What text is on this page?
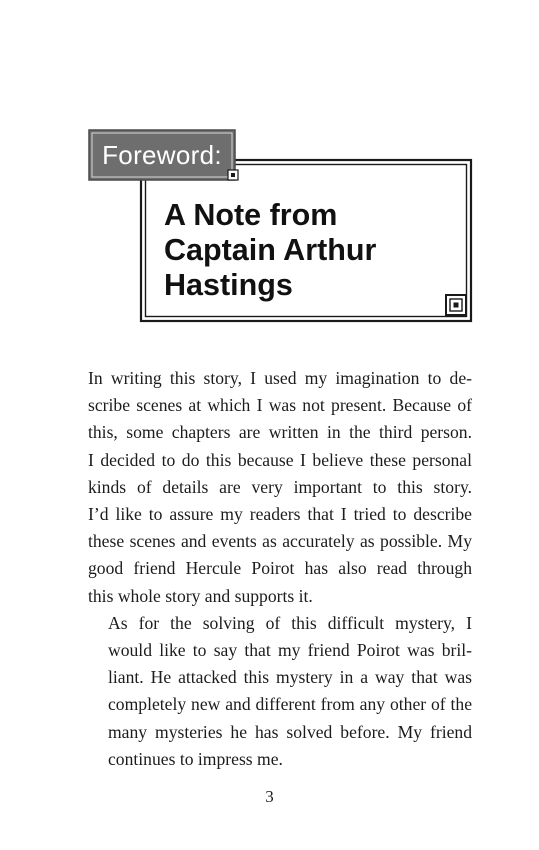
Foreword:
A Note from
Captain Arthur
Hastings

In writing this story, I used my imagination to de-
scribe scenes at which I was not present. Because of
this, some chapters are written in the third person.
I decided to do this because I believe these personal
kinds of details are very important to this story.
I’d like to assure my readers that I tried to describe
these scenes and events as accurately as possible. My
good friend Hercule Poirot has also read through
this whole story and supports it.

As for the solving of this difficult mystery, I
would like to say that my friend Poirot was bril-
liant. He attacked this mystery in a way that was
completely new and different from any other of the
many mysteries he has solved before. My friend
continues to impress me.

3
